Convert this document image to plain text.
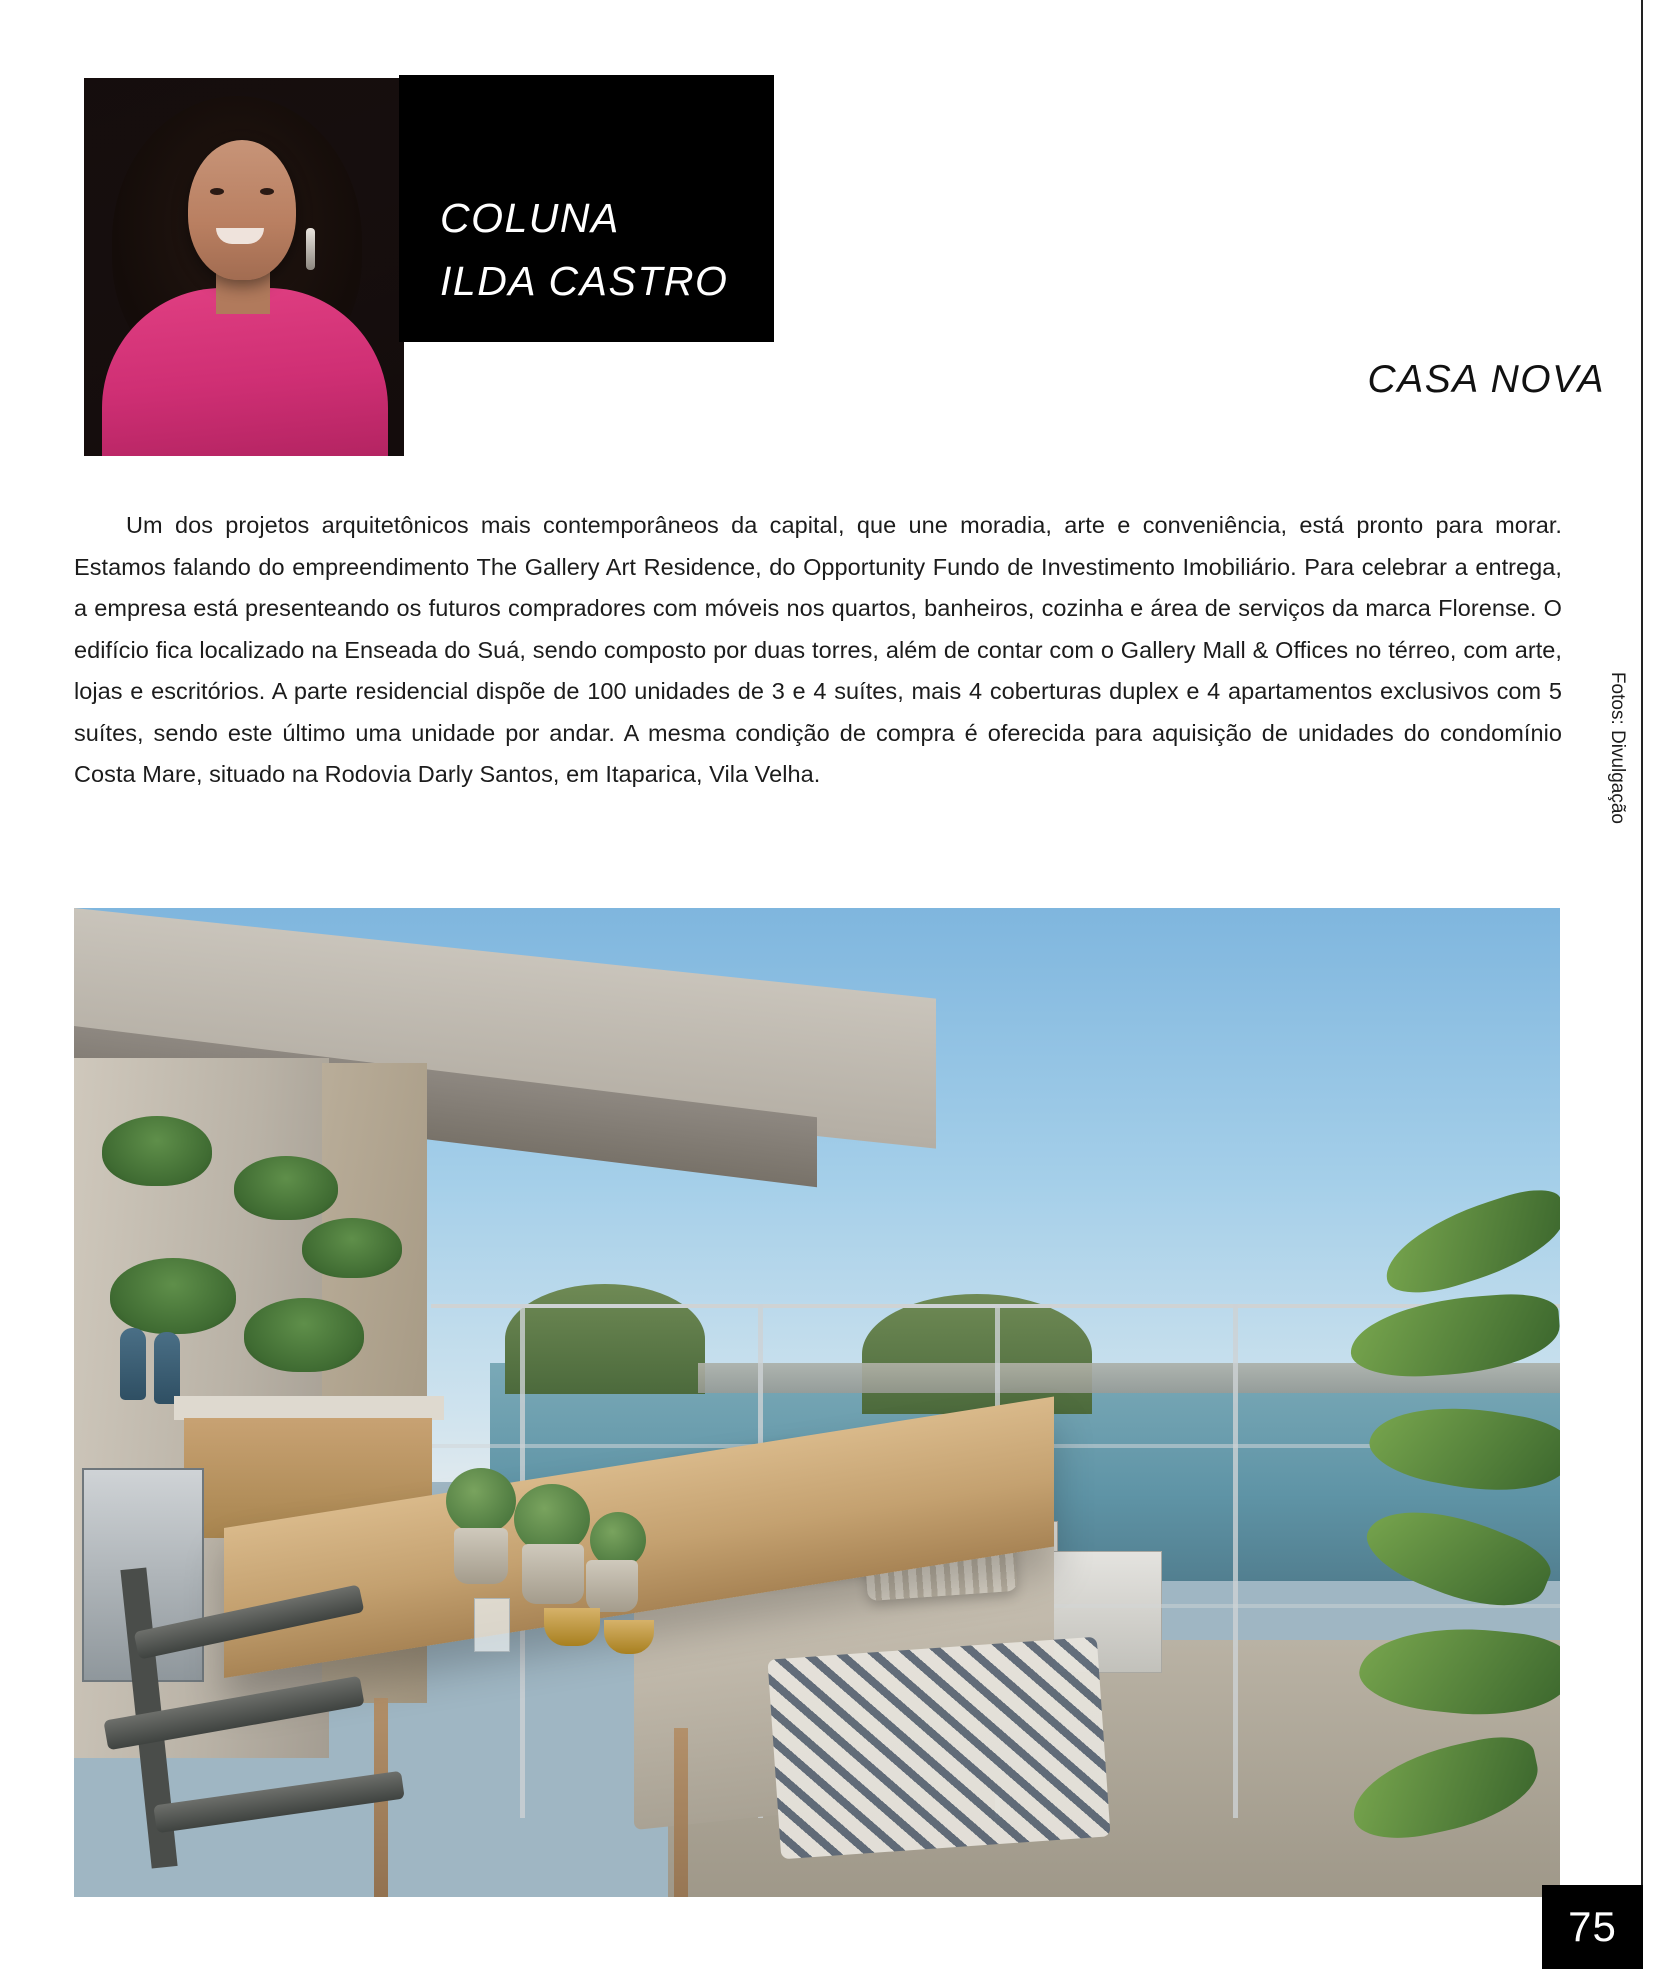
COLUNA
ILDA CASTRO
CASA NOVA

Um dos projetos arquitetônicos mais contemporâneos da capital, que une moradia, arte e conveniência, está pronto para morar. Estamos falando do empreendimento The Gallery Art Residence, do Opportunity Fundo de Investimento Imobiliário. Para celebrar a entrega, a empresa está presenteando os futuros compradores com móveis nos quartos, banheiros, cozinha e área de serviços da marca Florense. O edifício fica localizado na Enseada do Suá, sendo composto por duas torres, além de contar com o Gallery Mall & Offices no térreo, com arte, lojas e escritórios. A parte residencial dispõe de 100 unidades de 3 e 4 suítes, mais 4 coberturas duplex e 4 apartamentos exclusivos com 5 suítes, sendo este último uma unidade por andar. A mesma condição de compra é oferecida para aquisição de unidades do condomínio Costa Mare, situado na Rodovia Darly Santos, em Itaparica, Vila Velha.	Fotos: Divulgação
75
